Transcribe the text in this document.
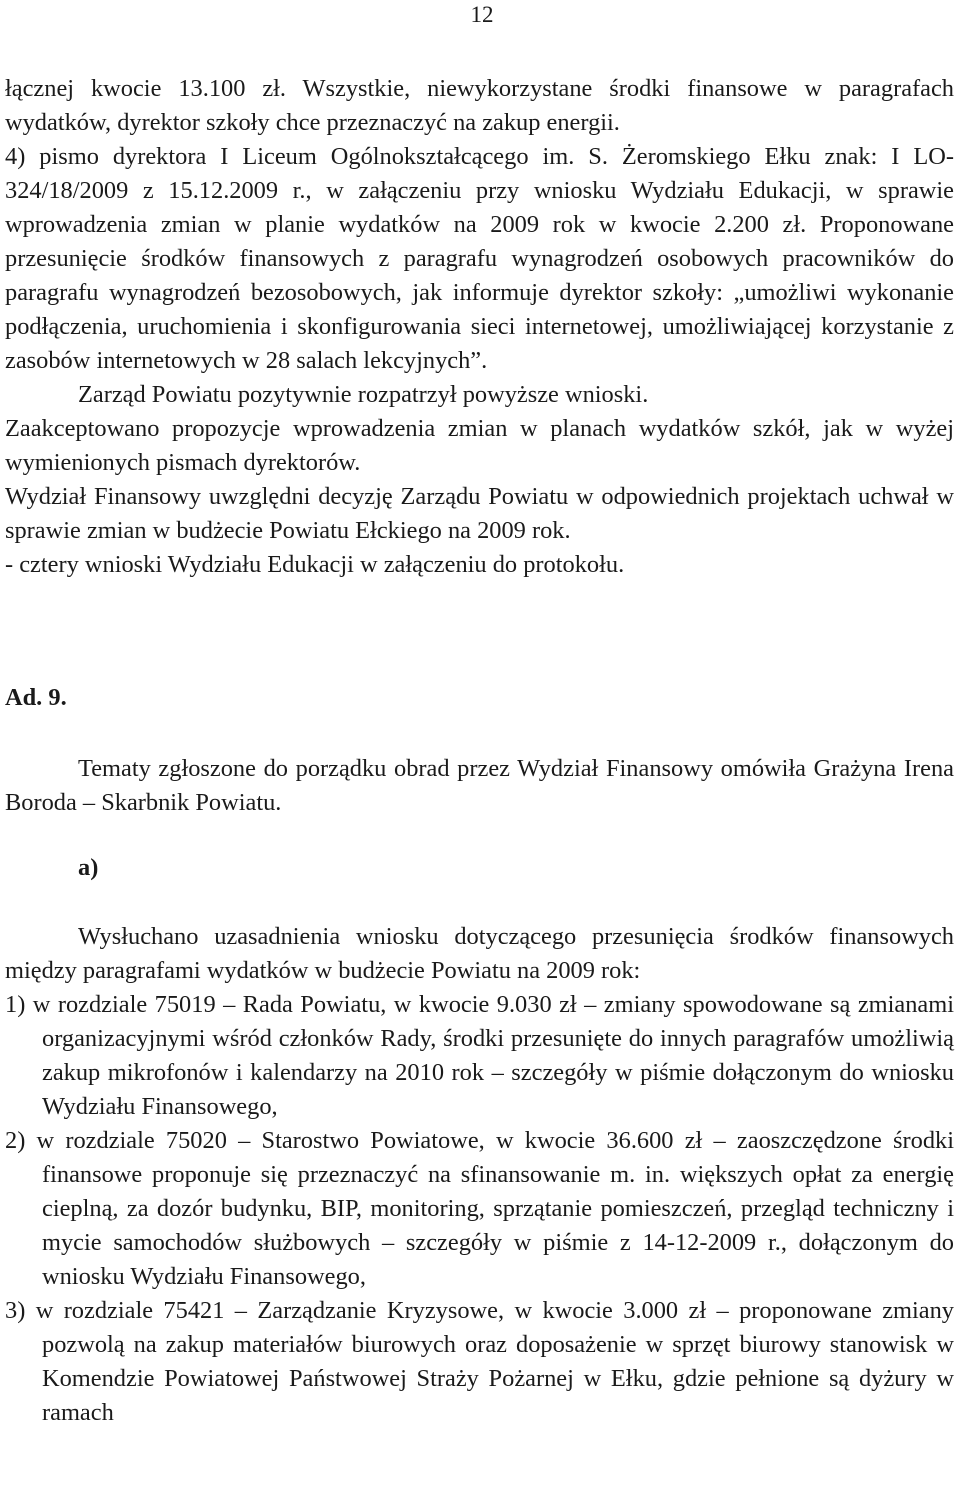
12
łącznej kwocie 13.100 zł. Wszystkie, niewykorzystane środki finansowe w paragrafach wydatków, dyrektor szkoły chce przeznaczyć na zakup energii.
4) pismo dyrektora I Liceum Ogólnokształcącego im. S. Żeromskiego Ełku znak: I LO-324/18/2009 z 15.12.2009 r., w załączeniu przy wniosku Wydziału Edukacji, w sprawie wprowadzenia zmian w planie wydatków na 2009 rok w kwocie 2.200 zł. Proponowane przesunięcie środków finansowych z paragrafu wynagrodzeń osobowych pracowników do paragrafu wynagrodzeń bezosobowych, jak informuje dyrektor szkoły: „umożliwi wykonanie podłączenia, uruchomienia i skonfigurowania sieci internetowej, umożliwiającej korzystanie z zasobów internetowych w 28 salach lekcyjnych”.
Zarząd Powiatu pozytywnie rozpatrzył powyższe wnioski.
Zaakceptowano propozycje wprowadzenia zmian w planach wydatków szkół, jak w wyżej wymienionych pismach dyrektorów.
Wydział Finansowy uwzględni decyzję Zarządu Powiatu w odpowiednich projektach uchwał w sprawie zmian w budżecie Powiatu Ełckiego na 2009 rok.
- cztery wnioski Wydziału Edukacji w załączeniu do protokołu.
Ad. 9.
Tematy zgłoszone do porządku obrad przez Wydział Finansowy omówiła Grażyna Irena Boroda – Skarbnik Powiatu.
a)
Wysłuchano uzasadnienia wniosku dotyczącego przesunięcia środków finansowych między paragrafami wydatków w budżecie Powiatu na 2009 rok:
1) w rozdziale 75019 – Rada Powiatu, w kwocie 9.030 zł – zmiany spowodowane są zmianami organizacyjnymi wśród członków Rady, środki przesunięte do innych paragrafów umożliwią zakup mikrofonów i kalendarzy na 2010 rok – szczegóły w piśmie dołączonym do wniosku Wydziału Finansowego,
2) w rozdziale 75020 – Starostwo Powiatowe, w kwocie 36.600 zł – zaoszczędzone środki finansowe proponuje się przeznaczyć na sfinansowanie m. in. większych opłat za energię cieplną, za dozór budynku, BIP, monitoring, sprzątanie pomieszczeń, przegląd techniczny i mycie samochodów służbowych – szczegóły w piśmie z 14-12-2009 r., dołączonym do wniosku Wydziału Finansowego,
3) w rozdziale 75421 – Zarządzanie Kryzysowe, w kwocie 3.000 zł – proponowane zmiany pozwolą na zakup materiałów biurowych oraz doposażenie w sprzęt biurowy stanowisk w Komendzie Powiatowej Państwowej Straży Pożarnej w Ełku, gdzie pełnione są dyżury w ramach
